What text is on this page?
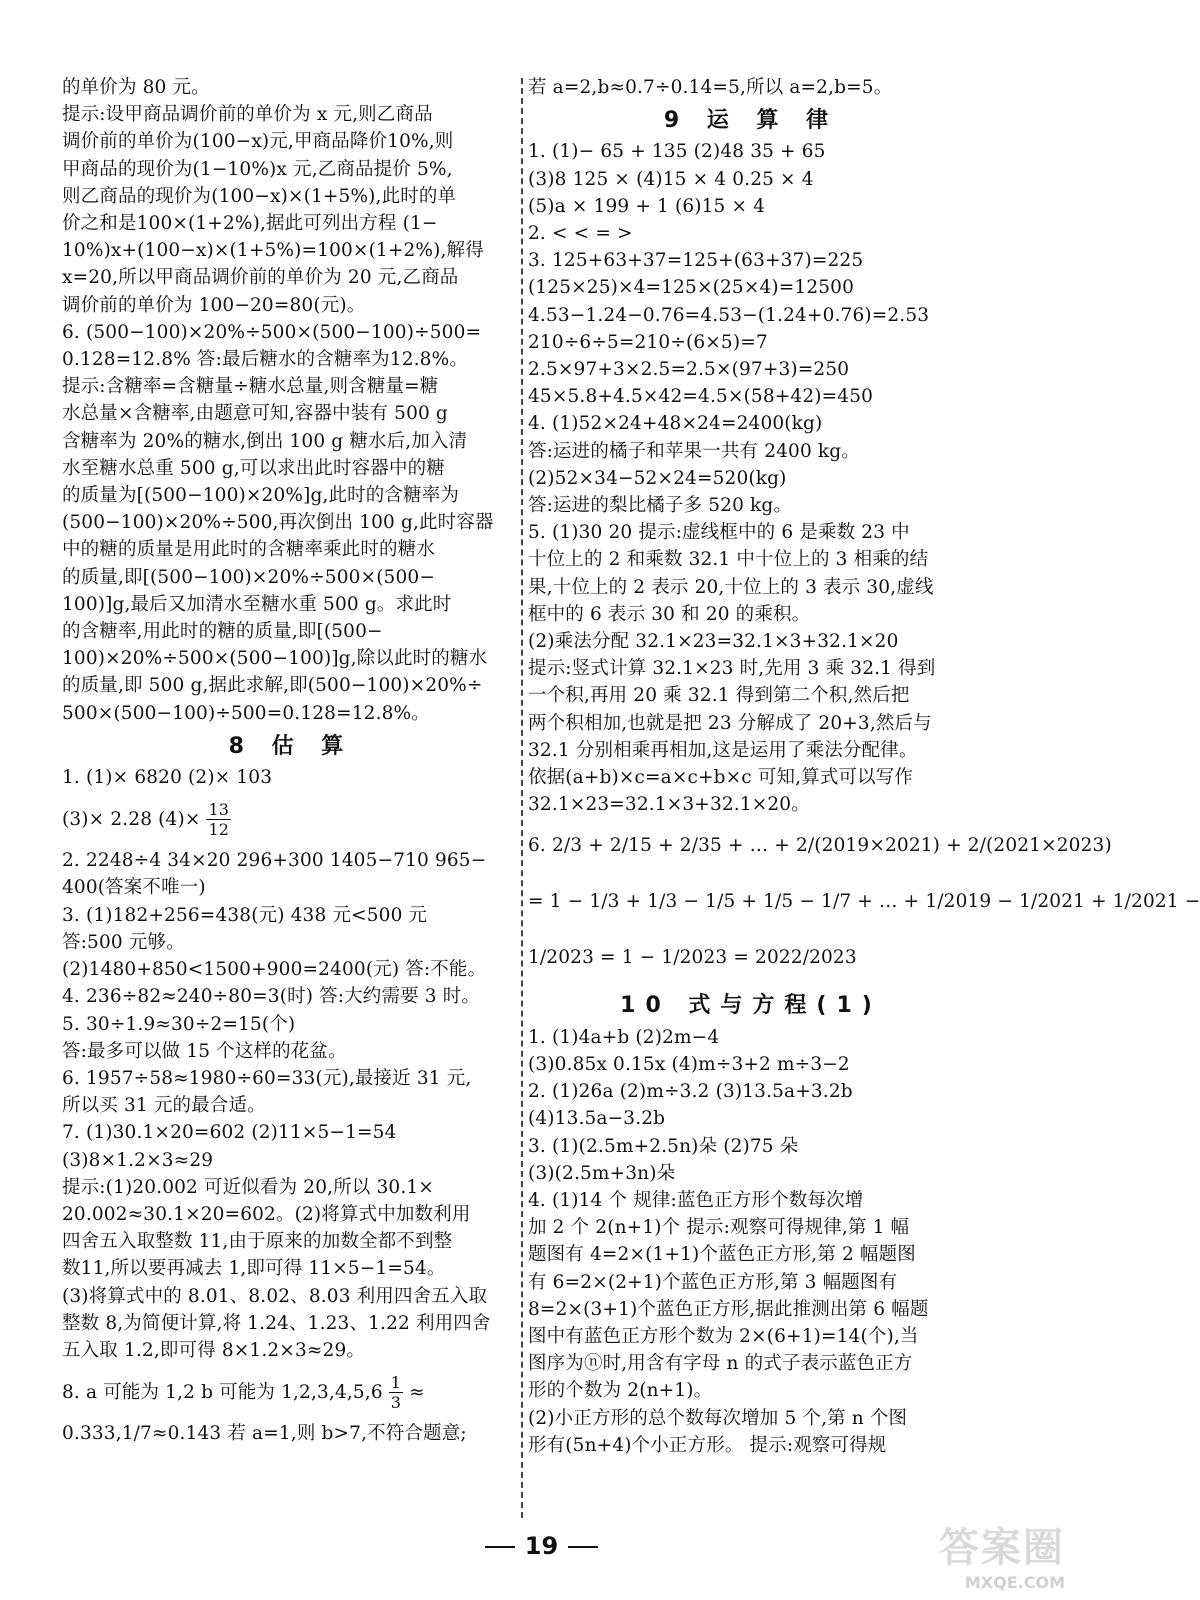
的单价为 80 元。
提示:设甲商品调价前的单价为 x 元,则乙商品
调价前的单价为(100−x)元,甲商品降价10%,则
甲商品的现价为(1−10%)x 元,乙商品提价 5%,
则乙商品的现价为(100−x)×(1+5%),此时的单
价之和是100×(1+2%),据此可列出方程 (1−
10%)x+(100−x)×(1+5%)=100×(1+2%),解得
x=20,所以甲商品调价前的单价为 20 元,乙商品
调价前的单价为 100−20=80(元)。
6. (500−100)×20%÷500×(500−100)÷500=
0.128=12.8% 答:最后糖水的含糖率为12.8%。
提示:含糖率=含糖量÷糖水总量,则含糖量=糖
水总量×含糖率,由题意可知,容器中装有 500 g
含糖率为 20%的糖水,倒出 100 g 糖水后,加入清
水至糖水总重 500 g,可以求出此时容器中的糖
的质量为[(500−100)×20%]g,此时的含糖率为
(500−100)×20%÷500,再次倒出 100 g,此时容器
中的糖的质量是用此时的含糖率乘此时的糖水
的质量,即[(500−100)×20%÷500×(500−
100)]g,最后又加清水至糖水重 500 g。求此时
的含糖率,用此时的糖的质量,即[(500−
100)×20%÷500×(500−100)]g,除以此时的糖水
的质量,即 500 g,据此求解,即(500−100)×20%÷
500×(500−100)÷500=0.128=12.8%。
8 估 算
1. (1)× 6820 (2)× 103
(3)× 2.28 $(4)\times \frac{13}{12}$
2. 2248÷4 34×20 296+300 1405−710 965−
400(答案不唯一)
3. (1)182+256=438(元) 438 元<500 元
答:500 元够。
(2)1480+850<1500+900=2400(元) 答:不能。
4. 236÷82≈240÷80=3(时) 答:大约需要 3 时。
5. 30÷1.9≈30÷2=15(个)
答:最多可以做 15 个这样的花盆。
6. 1957÷58≈1980÷60=33(元),最接近 31 元,
所以买 31 元的最合适。
7. (1)30.1×20=602 (2)11×5−1=54
(3)8×1.2×3≈29
提示:(1)20.002 可近似看为 20,所以 30.1×
20.002≈30.1×20=602。(2)将算式中加数利用
四舍五入取整数 11,由于原来的加数全都不到整
数11,所以要再减去 1,即可得 11×5−1=54。
(3)将算式中的 8.01、8.02、8.03 利用四舍五入取
整数 8,为简便计算,将 1.24、1.23、1.22 利用四舍
五入取 1.2,即可得 8×1.2×3≈29。
8. a 可能为 1,2 b 可能为 $1,2,3,4,5,6 \frac{1}{3}$ ≈
0.333,1/7≈0.143 若 a=1,则 b>7,不符合题意;
若 a=2,b≈0.7÷0.14=5,所以 a=2,b=5。
9 运 算 律
1. (1)− 65 + 135 (2)48 35 + 65
(3)8 125 × (4)15 × 4 0.25 × 4
(5)a × 199 + 1 (6)15 × 4
2. < < = >
3. 125+63+37=125+(63+37)=225
(125×25)×4=125×(25×4)=12500
4.53−1.24−0.76=4.53−(1.24+0.76)=2.53
210÷6÷5=210÷(6×5)=7
2.5×97+3×2.5=2.5×(97+3)=250
45×5.8+4.5×42=4.5×(58+42)=450
4. (1)52×24+48×24=2400(kg)
答:运进的橘子和苹果一共有 2400 kg。
(2)52×34−52×24=520(kg)
答:运进的梨比橘子多 520 kg。
5. (1)30 20 提示:虚线框中的 6 是乘数 23 中
十位上的 2 和乘数 32.1 中十位上的 3 相乘的结
果,十位上的 2 表示 20,十位上的 3 表示 30,虚线
框中的 6 表示 30 和 20 的乘积。
(2)乘法分配 32.1×23=32.1×3+32.1×20
提示:竖式计算 32.1×23 时,先用 3 乘 32.1 得到
一个积,再用 20 乘 32.1 得到第二个积,然后把
两个积相加,也就是把 23 分解成了 20+3,然后与
32.1 分别相乘再相加,这是运用了乘法分配律。
依据(a+b)×c=a×c+b×c 可知,算式可以写作
32.1×23=32.1×3+32.1×20。
6. 2/3 + 2/15 + 2/35 + … + 2/(2019×2021) + 2/(2021×2023)
= 1 − 1/3 + 1/3 − 1/5 + 1/5 − 1/7 + … + 1/2019 − 1/2021 + 1/2021 −
1/2023 = 1 − 1/2023 = 2022/2023
10 式与方程(1)
1. (1)4a+b (2)2m−4
(3)0.85x 0.15x (4)m÷3+2 m÷3−2
2. (1)26a (2)m÷3.2 (3)13.5a+3.2b
(4)13.5a−3.2b
3. (1)(2.5m+2.5n)朵 (2)75 朵
(3)(2.5m+3n)朵
4. (1)14 个 规律:蓝色正方形个数每次增
加 2 个 2(n+1)个 提示:观察可得规律,第 1 幅
题图有 4=2×(1+1)个蓝色正方形,第 2 幅题图
有 6=2×(2+1)个蓝色正方形,第 3 幅题图有
8=2×(3+1)个蓝色正方形,据此推测出第 6 幅题
图中有蓝色正方形个数为 2×(6+1)=14(个),当
图序为ⓝ时,用含有字母 n 的式子表示蓝色正方
形的个数为 2(n+1)。
(2)小正方形的总个数每次增加 5 个,第 n 个图
形有(5n+4)个小正方形。 提示:观察可得规
19	答案圈
MXQE.COM
